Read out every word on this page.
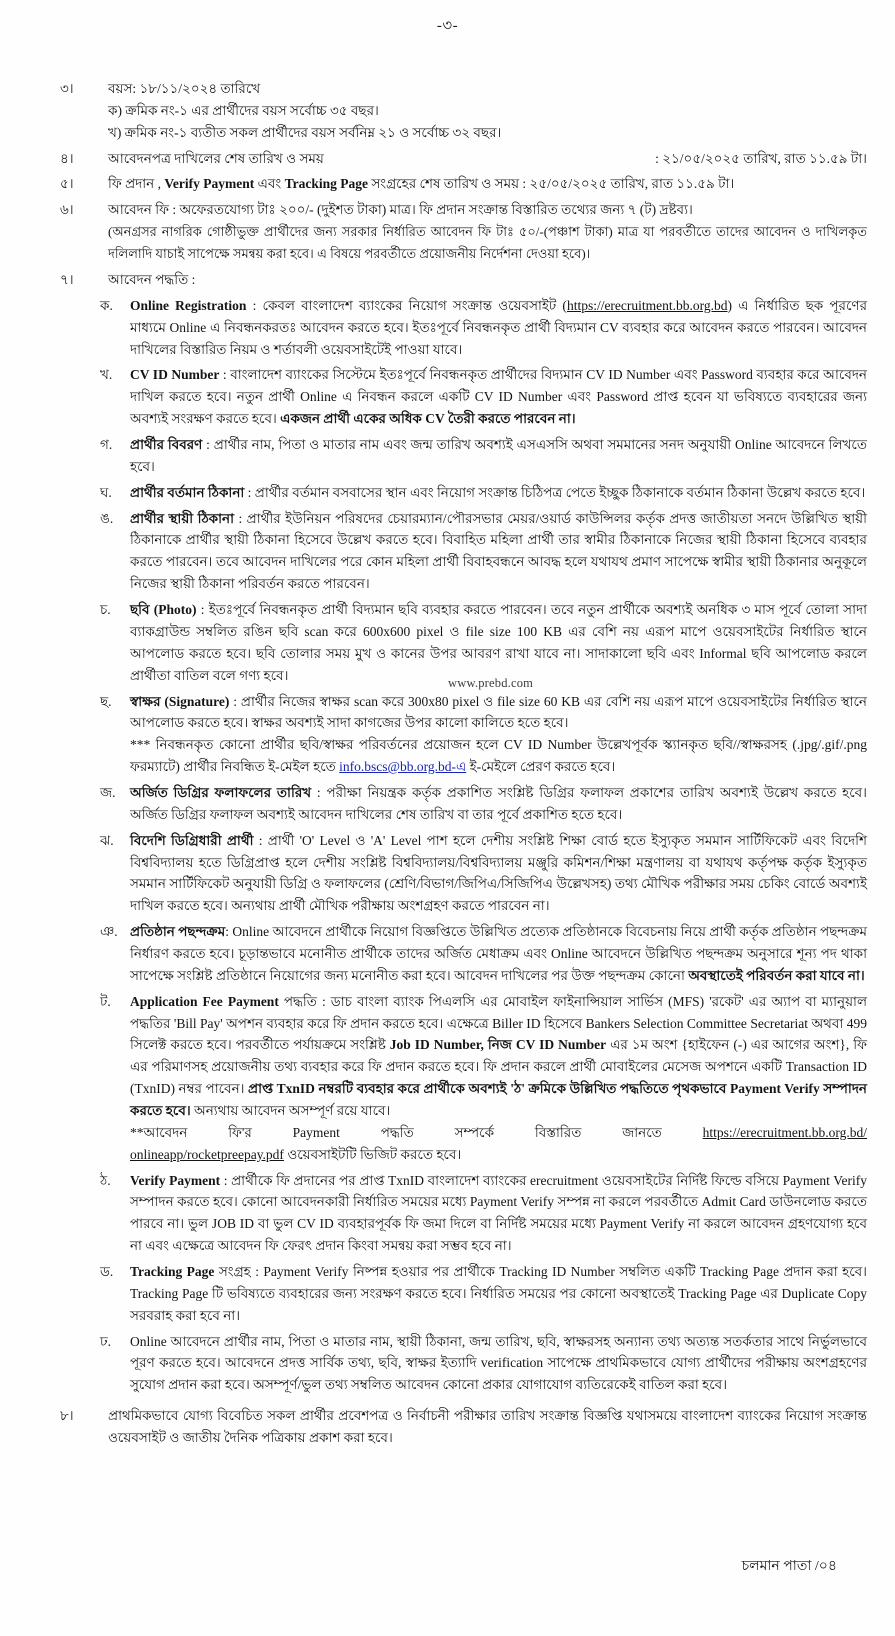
-৩-
৩।	বয়স: ১৮/১১/২০২৪ তারিখে
ক) ক্রমিক নং-১ এর প্রার্থীদের বয়স সর্বোচ্চ ৩৫ বছর।
খ) ক্রমিক নং-১ ব্যতীত সকল প্রার্থীদের বয়স সর্বনিম্ন ২১ ও সর্বোচ্চ ৩২ বছর।
৪।	আবেদনপত্র দাখিলের শেষ তারিখ ও সময়	: ২১/০৫/২০২৫ তারিখ, রাত ১১.৫৯ টা।
৫।	ফি প্রদান , Verify Payment এবং Tracking Page সংগ্রহের শেষ তারিখ ও সময় : ২৫/০৫/২০২৫ তারিখ, রাত ১১.৫৯ টা।
৬।	আবেদন ফি : অফেরতযোগ্য টাঃ ২০০/- (দুইশত টাকা) মাত্র। ফি প্রদান সংক্রান্ত বিস্তারিত তথ্যের জন্য ৭ (ট) দ্রষ্টব্য।
(অনগ্রসর নাগরিক গোষ্ঠীভুক্ত প্রার্থীদের জন্য সরকার নির্ধারিত আবেদন ফি টাঃ ৫০/-(পঞ্চাশ টাকা) মাত্র যা পরবর্তীতে তাদের আবেদন ও দাখিলকৃত দলিলাদি যাচাই সাপেক্ষে সমন্বয় করা হবে। এ বিষয়ে পরবর্তীতে প্রয়োজনীয় নির্দেশনা দেওয়া হবে)।
৭।	আবেদন পদ্ধতি :
ক.	Online Registration : কেবল বাংলাদেশ ব্যাংকের নিয়োগ সংক্রান্ত ওয়েবসাইট (https://erecruitment.bb.org.bd) এ নির্ধারিত ছক পূরণের মাধ্যমে Online এ নিবন্ধনকরতঃ আবেদন করতে হবে। ইতঃপূর্বে নিবন্ধনকৃত প্রার্থী বিদ্যমান CV ব্যবহার করে আবেদন করতে পারবেন। আবেদন দাখিলের বিস্তারিত নিয়ম ও শর্তাবলী ওয়েবসাইটেই পাওয়া যাবে।
খ.	CV ID Number : বাংলাদেশ ব্যাংকের সিস্টেমে ইতঃপূর্বে নিবন্ধনকৃত প্রার্থীদের বিদ্যমান CV ID Number এবং Password ব্যবহার করে আবেদন দাখিল করতে হবে। নতুন প্রার্থী Online এ নিবন্ধন করলে একটি CV ID Number এবং Password প্রাপ্ত হবেন যা ভবিষ্যতে ব্যবহারের জন্য অবশ্যই সংরক্ষণ করতে হবে। একজন প্রার্থী একের অধিক CV তৈরী করতে পারবেন না।
গ.	প্রার্থীর বিবরণ : প্রার্থীর নাম, পিতা ও মাতার নাম এবং জন্ম তারিখ অবশ্যই এসএসসি অথবা সমমানের সনদ অনুযায়ী Online আবেদনে লিখতে হবে।
ঘ.	প্রার্থীর বর্তমান ঠিকানা : প্রার্থীর বর্তমান বসবাসের স্থান এবং নিয়োগ সংক্রান্ত চিঠিপত্র পেতে ইচ্ছুক ঠিকানাকে বর্তমান ঠিকানা উল্লেখ করতে হবে।
ঙ.	প্রার্থীর স্থায়ী ঠিকানা : প্রার্থীর ইউনিয়ন পরিষদের চেয়ারম্যান/পৌরসভার মেয়র/ওয়ার্ড কাউন্সিলর কর্তৃক প্রদত্ত জাতীয়তা সনদে উল্লিখিত স্থায়ী ঠিকানাকে প্রার্থীর স্থায়ী ঠিকানা হিসেবে উল্লেখ করতে হবে। বিবাহিত মহিলা প্রার্থী তার স্বামীর ঠিকানাকে নিজের স্থায়ী ঠিকানা হিসেবে ব্যবহার করতে পারবেন। তবে আবেদন দাখিলের পরে কোন মহিলা প্রার্থী বিবাহবন্ধনে আবদ্ধ হলে যথাযথ প্রমাণ সাপেক্ষে স্বামীর স্থায়ী ঠিকানার অনুকূলে নিজের স্থায়ী ঠিকানা পরিবর্তন করতে পারবেন।
চ.	ছবি (Photo) : ইতঃপূর্বে নিবন্ধনকৃত প্রার্থী বিদ্যমান ছবি ব্যবহার করতে পারবেন। তবে নতুন প্রার্থীকে অবশ্যই অনধিক ৩ মাস পূর্বে তোলা সাদা ব্যাকগ্রাউন্ড সম্বলিত রঙিন ছবি scan করে 600x600 pixel ও file size 100 KB এর বেশি নয় এরূপ মাপে ওয়েবসাইটের নির্ধারিত স্থানে আপলোড করতে হবে। ছবি তোলার সময় মুখ ও কানের উপর আবরণ রাখা যাবে না। সাদাকালো ছবি এবং Informal ছবি আপলোড করলে প্রার্থীতা বাতিল বলে গণ্য হবে।
ছ.	স্বাক্ষর (Signature) : প্রার্থীর নিজের স্বাক্ষর scan করে 300x80 pixel ও file size 60 KB এর বেশি নয় এরূপ মাপে ওয়েবসাইটের নির্ধারিত স্থানে আপলোড করতে হবে। স্বাক্ষর অবশ্যই সাদা কাগজের উপর কালো কালিতে হতে হবে।
*** নিবন্ধনকৃত কোনো প্রার্থীর ছবি/স্বাক্ষর পরিবর্তনের প্রয়োজন হলে CV ID Number উল্লেখপূর্বক স্ক্যানকৃত ছবি//স্বাক্ষরসহ (.jpg/.gif/.png ফরম্যাটে) প্রার্থীর নিবন্ধিত ই-মেইল হতে info.bscs@bb.org.bd-এ ই-মেইলে প্রেরণ করতে হবে।
জ.	অর্জিত ডিগ্রির ফলাফলের তারিখ : পরীক্ষা নিয়ন্ত্রক কর্তৃক প্রকাশিত সংশ্লিষ্ট ডিগ্রির ফলাফল প্রকাশের তারিখ অবশ্যই উল্লেখ করতে হবে। অর্জিত ডিগ্রির ফলাফল অবশ্যই আবেদন দাখিলের শেষ তারিখ বা তার পূর্বে প্রকাশিত হতে হবে।
ঝ.	বিদেশি ডিগ্রিধারী প্রার্থী : প্রার্থী 'O' Level ও 'A' Level পাশ হলে দেশীয় সংশ্লিষ্ট শিক্ষা বোর্ড হতে ইস্যুকৃত সমমান সার্টিফিকেট এবং বিদেশি বিশ্ববিদ্যালয় হতে ডিগ্রিপ্রাপ্ত হলে দেশীয় সংশ্লিষ্ট বিশ্ববিদ্যালয়/বিশ্ববিদ্যালয় মঞ্জুরি কমিশন/শিক্ষা মন্ত্রণালয় বা যথাযথ কর্তৃপক্ষ কর্তৃক ইস্যুকৃত সমমান সার্টিফিকেট অনুযায়ী ডিগ্রি ও ফলাফলের (শ্রেণি/বিভাগ/জিপিএ/সিজিপিএ উল্লেখসহ) তথ্য মৌখিক পরীক্ষার সময় চেকিং বোর্ডে অবশ্যই দাখিল করতে হবে। অন্যথায় প্রার্থী মৌখিক পরীক্ষায় অংশগ্রহণ করতে পারবেন না।
ঞ. প্রতিষ্ঠান পছন্দক্রম: Online আবেদনে প্রার্থীকে নিয়োগ বিজ্ঞপ্তিতে উল্লিখিত প্রত্যেক প্রতিষ্ঠানকে বিবেচনায় নিয়ে প্রার্থী কর্তৃক প্রতিষ্ঠান পছন্দক্রম নির্ধারণ করতে হবে। চূড়ান্তভাবে মনোনীত প্রার্থীকে তাদের অর্জিত মেধাক্রম এবং Online আবেদনে উল্লিখিত পছন্দক্রম অনুসারে শূন্য পদ থাকা সাপেক্ষে সংশ্লিষ্ট প্রতিষ্ঠানে নিয়োগের জন্য মনোনীত করা হবে। আবেদন দাখিলের পর উক্ত পছন্দক্রম কোনো অবস্থাতেই পরিবর্তন করা যাবে না।
ট.	Application Fee Payment পদ্ধতি : ডাচ বাংলা ব্যাংক পিএলসি এর মোবাইল ফাইনান্সিয়াল সার্ভিস (MFS) 'রকেট' এর অ্যাপ বা ম্যানুয়াল পদ্ধতির 'Bill Pay' অপশন ব্যবহার করে ফি প্রদান করতে হবে। এক্ষেত্রে Biller ID হিসেবে Bankers Selection Committee Secretariat অথবা 499 সিলেক্ট করতে হবে। পরবর্তীতে পর্যায়ক্রমে সংশ্লিষ্ট Job ID Number, নিজ CV ID Number এর ১ম অংশ {হাইফেন (-) এর আগের অংশ}, ফি এর পরিমাণসহ প্রয়োজনীয় তথ্য ব্যবহার করে ফি প্রদান করতে হবে। ফি প্রদান করলে প্রার্থী মোবাইলের মেসেজ অপশনে একটি Transaction ID (TxnID) নম্বর পাবেন। প্রাপ্ত TxnID নম্বরটি ব্যবহার করে প্রার্থীকে অবশ্যই 'ঠ' ক্রমিকে উল্লিখিত পদ্ধতিতে পৃথকভাবে Payment Verify সম্পাদন করতে হবে। অন্যথায় আবেদন অসম্পূর্ণ রয়ে যাবে।
**আবেদন	ফি'র	Payment	পদ্ধতি	সম্পর্কে	বিস্তারিত	জানতে	https://erecruitment.bb.org.bd/
onlineapp/rocketpreepay.pdf ওয়েবসাইটটি ভিজিট করতে হবে।
ঠ.	Verify Payment : প্রার্থীকে ফি প্রদানের পর প্রাপ্ত TxnID বাংলাদেশ ব্যাংকের erecruitment ওয়েবসাইটের নির্দিষ্ট ফিল্ডে বসিয়ে Payment Verify সম্পাদন করতে হবে। কোনো আবেদনকারী নির্ধারিত সময়ের মধ্যে Payment Verify সম্পন্ন না করলে পরবর্তীতে Admit Card ডাউনলোড করতে পারবে না। ভুল JOB ID বা ভুল CV ID ব্যবহারপূর্বক ফি জমা দিলে বা নির্দিষ্ট সময়ের মধ্যে Payment Verify না করলে আবেদন গ্রহণযোগ্য হবে না এবং এক্ষেত্রে আবেদন ফি ফেরৎ প্রদান কিংবা সমন্বয় করা সম্ভব হবে না।
ড.	Tracking Page সংগ্রহ : Payment Verify নিষ্পন্ন হওয়ার পর প্রার্থীকে Tracking ID Number সম্বলিত একটি Tracking Page প্রদান করা হবে। Tracking Page টি ভবিষ্যতে ব্যবহারের জন্য সংরক্ষণ করতে হবে। নির্ধারিত সময়ের পর কোনো অবস্থাতেই Tracking Page এর Duplicate Copy সরবরাহ করা হবে না।
ঢ.	Online আবেদনে প্রার্থীর নাম, পিতা ও মাতার নাম, স্থায়ী ঠিকানা, জন্ম তারিখ, ছবি, স্বাক্ষরসহ অন্যান্য তথ্য অত্যন্ত সতর্কতার সাথে নির্ভুলভাবে পূরণ করতে হবে। আবেদনে প্রদত্ত সার্বিক তথ্য, ছবি, স্বাক্ষর ইত্যাদি verification সাপেক্ষে প্রাথমিকভাবে যোগ্য প্রার্থীদের পরীক্ষায় অংশগ্রহণের সুযোগ প্রদান করা হবে। অসম্পূর্ণ/ভুল তথ্য সম্বলিত আবেদন কোনো প্রকার যোগাযোগ ব্যতিরেকেই বাতিল করা হবে।
৮।	প্রাথমিকভাবে যোগ্য বিবেচিত সকল প্রার্থীর প্রবেশপত্র ও নির্বাচনী পরীক্ষার তারিখ সংক্রান্ত বিজ্ঞপ্তি যথাসময়ে বাংলাদেশ ব্যাংকের নিয়োগ সংক্রান্ত ওয়েবসাইট ও জাতীয় দৈনিক পত্রিকায় প্রকাশ করা হবে।
www.prebd.com
চলমান পাতা /০৪
